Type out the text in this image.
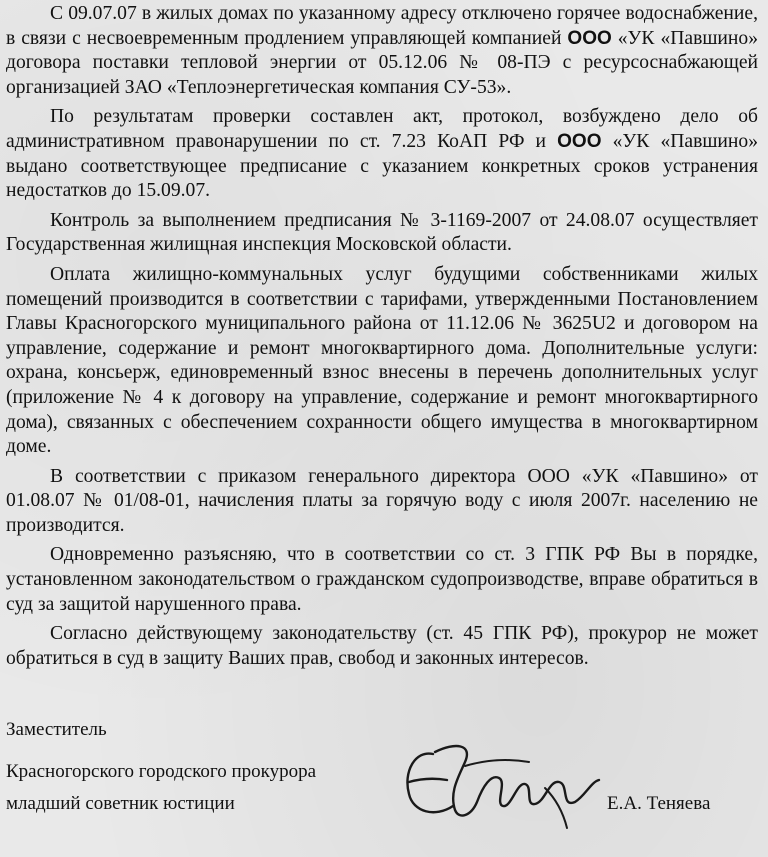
С 09.07.07 в жилых домах по указанному адресу отключено горячее водоснабжение, в связи с несвоевременным продлением управляющей компанией ООО «УК «Павшино» договора поставки тепловой энергии от 05.12.06 № 08-ПЭ с ресурсоснабжающей организацией ЗАО «Теплоэнергетическая компания СУ-53».

По результатам проверки составлен акт, протокол, возбуждено дело об административном правонарушении по ст. 7.23 КоАП РФ и ООО «УК «Павшино» выдано соответствующее предписание с указанием конкретных сроков устранения недостатков до 15.09.07.

Контроль за выполнением предписания № 3-1169-2007 от 24.08.07 осуществляет Государственная жилищная инспекция Московской области.

Оплата жилищно-коммунальных услуг будущими собственниками жилых помещений производится в соответствии с тарифами, утвержденными Постановлением Главы Красногорского муниципального района от 11.12.06 № 3625U2 и договором на управление, содержание и ремонт многоквартирного дома. Дополнительные услуги: охрана, консьерж, единовременный взнос внесены в перечень дополнительных услуг (приложение № 4 к договору на управление, содержание и ремонт многоквартирного дома), связанных с обеспечением сохранности общего имущества в многоквартирном доме.

В соответствии с приказом генерального директора ООО «УК «Павшино» от 01.08.07 № 01/08-01, начисления платы за горячую воду с июля 2007г. населению не производится.

Одновременно разъясняю, что в соответствии со ст. 3 ГПК РФ Вы в порядке, установленном законодательством о гражданском судопроизводстве, вправе обратиться в суд за защитой нарушенного права.

Согласно действующему законодательству (ст. 45 ГПК РФ), прокурор не может обратиться в суд в защиту Ваших прав, свобод и законных интересов.

Заместитель
Красногорского городского прокурора
младший советник юстиции	Е.А. Теняева
